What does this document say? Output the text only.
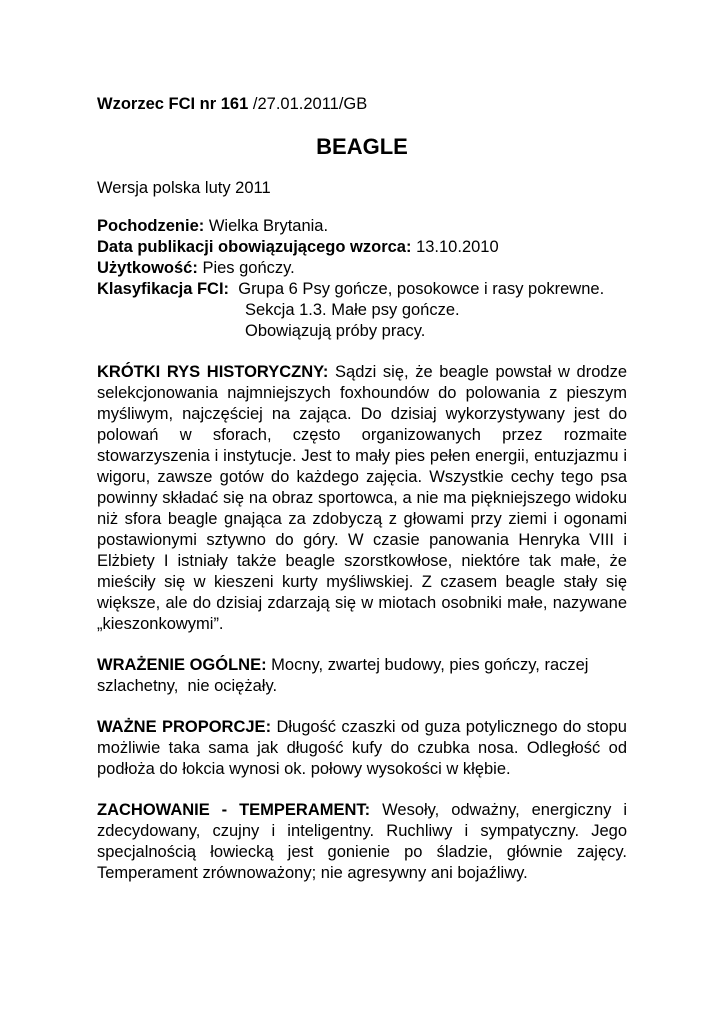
Wzorzec FCI nr 161 /27.01.2011/GB
BEAGLE
Wersja polska luty 2011
Pochodzenie: Wielka Brytania.
Data publikacji obowiązującego wzorca: 13.10.2010
Użytkowość: Pies gończy.
Klasyfikacja FCI:  Grupa 6 Psy gończe, posokowce i rasy pokrewne.
Sekcja 1.3. Małe psy gończe.
Obowiązują próby pracy.
KRÓTKI RYS HISTORYCZNY: Sądzi się, że beagle powstał w drodze selekcjonowania najmniejszych foxhoundów do polowania z pieszym myśliwym, najczęściej na zająca. Do dzisiaj wykorzystywany jest do polowań w sforach, często organizowanych przez rozmaite stowarzyszenia i instytucje. Jest to mały pies pełen energii, entuzjazmu i wigoru, zawsze gotów do każdego zajęcia. Wszystkie cechy tego psa powinny składać się na obraz sportowca, a nie ma piękniejszego widoku niż sfora beagle gnająca za zdobyczą z głowami przy ziemi i ogonami postawionymi sztywno do góry. W czasie panowania Henryka VIII i Elżbiety I istniały także beagle szorstkowłose, niektóre tak małe, że mieściły się w kieszeni kurty myśliwskiej. Z czasem beagle stały się większe, ale do dzisiaj zdarzają się w miotach osobniki małe, nazywane „kieszonkowymi”.
WRAŻENIE OGÓLNE: Mocny, zwartej budowy, pies gończy, raczej szlachetny,  nie ociężały.
WAŻNE PROPORCJE: Długość czaszki od guza potylicznego do stopu możliwie taka sama jak długość kufy do czubka nosa. Odległość od podłoża do łokcia wynosi ok. połowy wysokości w kłębie.
ZACHOWANIE - TEMPERAMENT: Wesoły, odważny, energiczny i zdecydowany, czujny i inteligentny. Ruchliwy i sympatyczny. Jego specjalnością łowiecką jest gonienie po śladzie, głównie zajęcy. Temperament zrównoważony; nie agresywny ani bojaźliwy.
